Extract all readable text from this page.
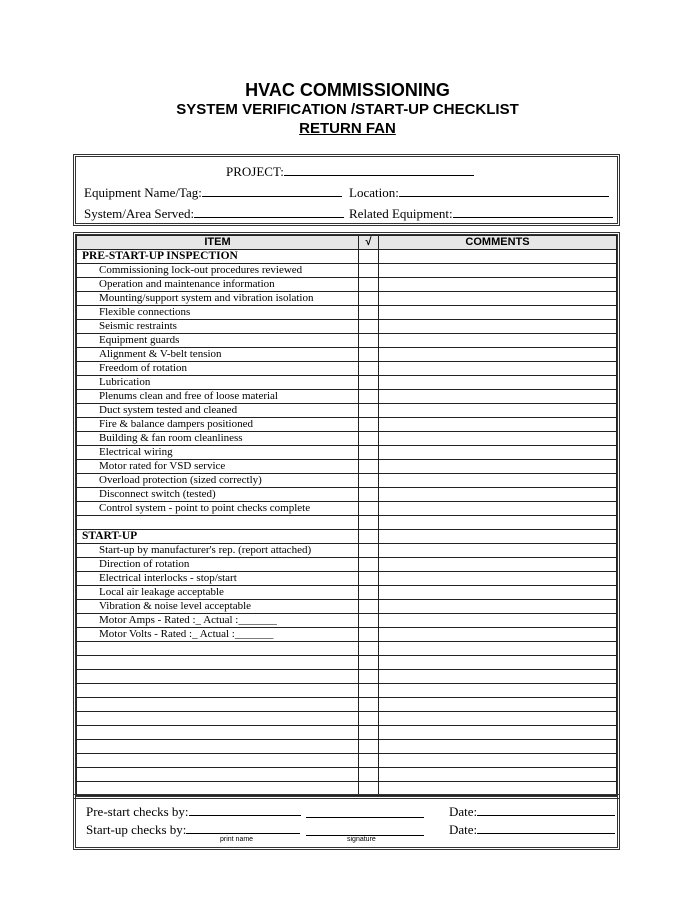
HVAC COMMISSIONING
SYSTEM VERIFICATION /START-UP CHECKLIST
RETURN FAN
PROJECT:
Equipment Name/Tag:	Location:
System/Area Served:	Related Equipment:
ITEM	√	COMMENTS
PRE-START-UP INSPECTION		
Commissioning lock-out procedures reviewed		
Operation and maintenance information		
Mounting/support system and vibration isolation		
Flexible connections		
Seismic restraints		
Equipment guards		
Alignment & V-belt tension		
Freedom of rotation		
Lubrication		
Plenums clean and free of loose material		
Duct system tested and cleaned		
Fire & balance dampers positioned		
Building & fan room cleanliness		
Electrical wiring		
Motor rated for VSD service		
Overload protection (sized correctly)		
Disconnect switch (tested)		
Control system - point to point checks complete		

START-UP		
Start-up by manufacturer's rep. (report attached)		
Direction of rotation		
Electrical interlocks - stop/start		
Local air leakage acceptable		
Vibration & noise level acceptable		
Motor Amps - Rated :_ Actual :_______		
Motor Volts - Rated :_ Actual :_______		

Pre-start checks by:	Date:
Start-up checks by:	Date:
print name	signature
